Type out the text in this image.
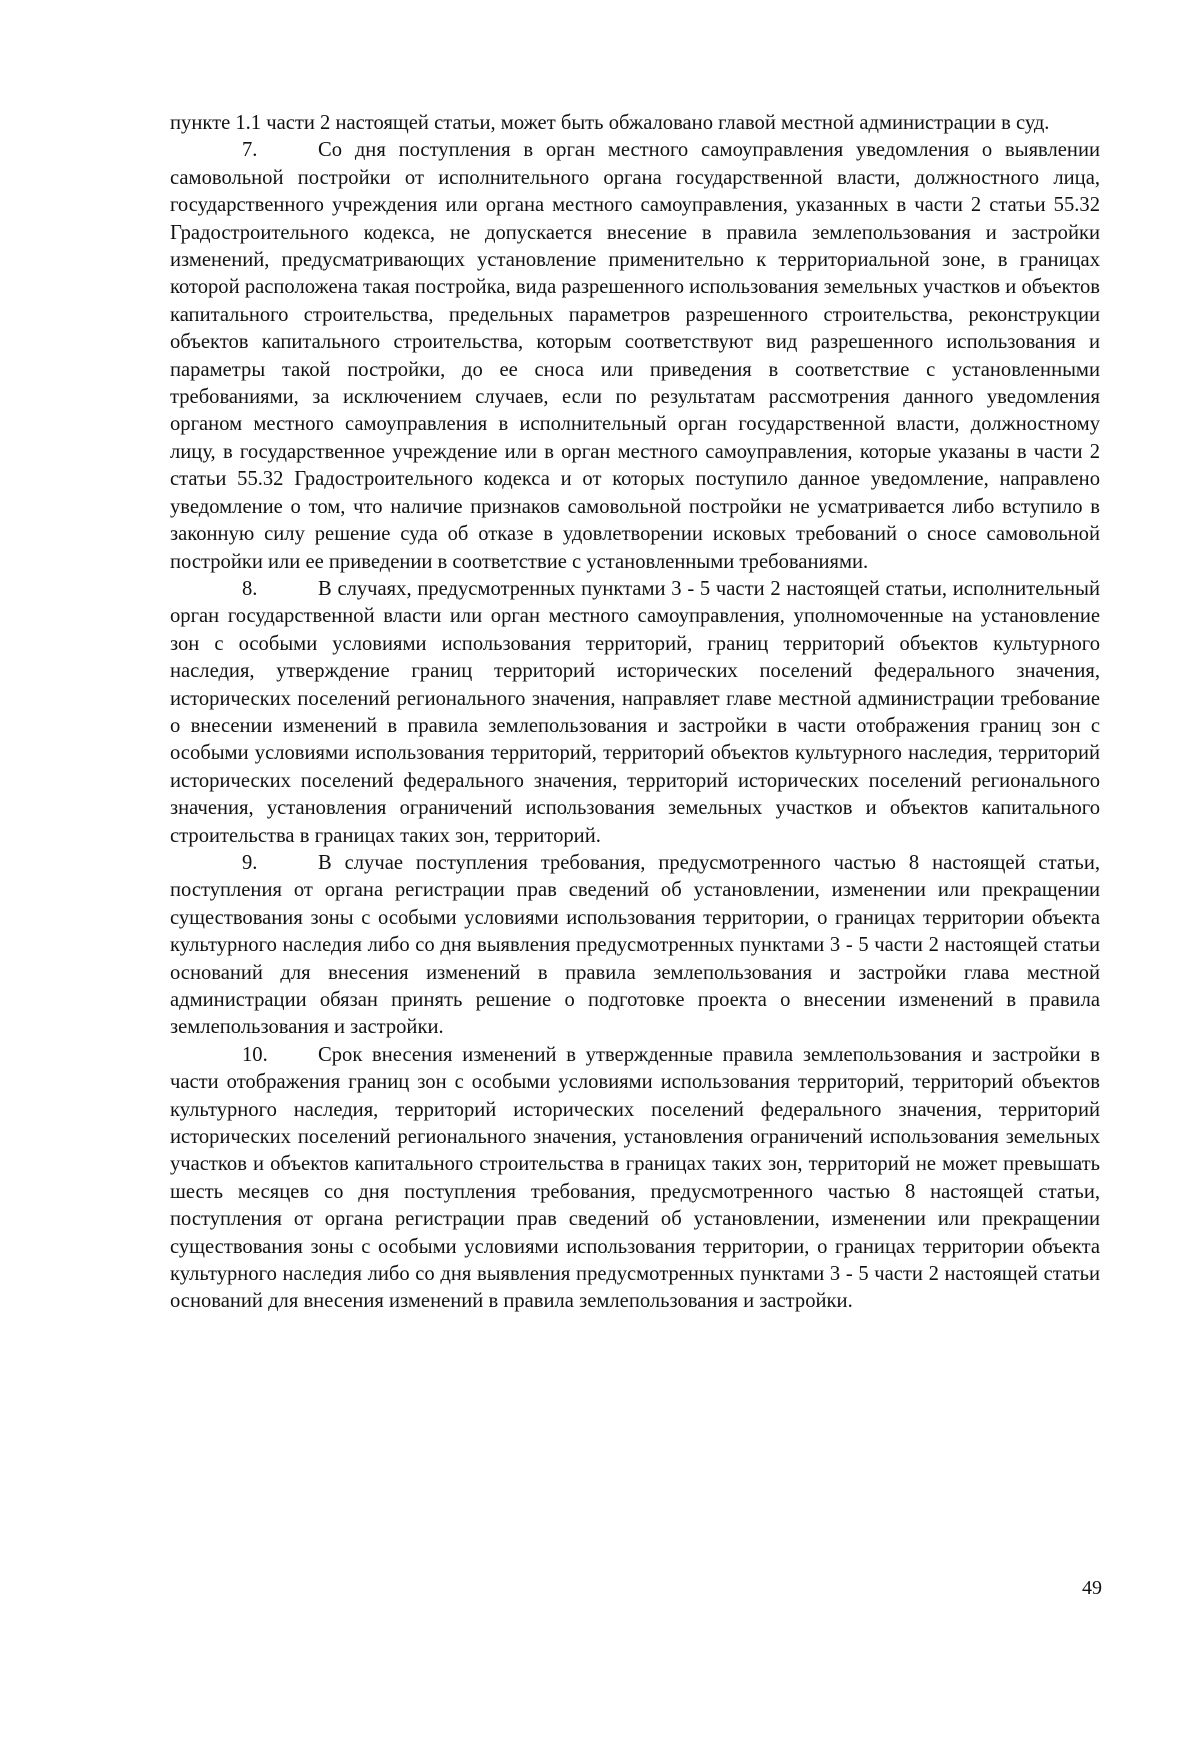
пункте 1.1 части 2 настоящей статьи, может быть обжаловано главой местной администрации в суд.

7.	Со дня поступления в орган местного самоуправления уведомления о выявлении самовольной постройки от исполнительного органа государственной власти, должностного лица, государственного учреждения или органа местного самоуправления, указанных в части 2 статьи 55.32 Градостроительного кодекса, не допускается внесение в правила землепользования и застройки изменений, предусматривающих установление применительно к территориальной зоне, в границах которой расположена такая постройка, вида разрешенного использования земельных участков и объектов капитального строительства, предельных параметров разрешенного строительства, реконструкции объектов капитального строительства, которым соответствуют вид разрешенного использования и параметры такой постройки, до ее сноса или приведения в соответствие с установленными требованиями, за исключением случаев, если по результатам рассмотрения данного уведомления органом местного самоуправления в исполнительный орган государственной власти, должностному лицу, в государственное учреждение или в орган местного самоуправления, которые указаны в части 2 статьи 55.32 Градостроительного кодекса и от которых поступило данное уведомление, направлено уведомление о том, что наличие признаков самовольной постройки не усматривается либо вступило в законную силу решение суда об отказе в удовлетворении исковых требований о сносе самовольной постройки или ее приведении в соответствие с установленными требованиями.

8.	В случаях, предусмотренных пунктами 3 - 5 части 2 настоящей статьи, исполнительный орган государственной власти или орган местного самоуправления, уполномоченные на установление зон с особыми условиями использования территорий, границ территорий объектов культурного наследия, утверждение границ территорий исторических поселений федерального значения, исторических поселений регионального значения, направляет главе местной администрации требование о внесении изменений в правила землепользования и застройки в части отображения границ зон с особыми условиями использования территорий, территорий объектов культурного наследия, территорий исторических поселений федерального значения, территорий исторических поселений регионального значения, установления ограничений использования земельных участков и объектов капитального строительства в границах таких зон, территорий.

9.	В случае поступления требования, предусмотренного частью 8 настоящей статьи, поступления от органа регистрации прав сведений об установлении, изменении или прекращении существования зоны с особыми условиями использования территории, о границах территории объекта культурного наследия либо со дня выявления предусмотренных пунктами 3 - 5 части 2 настоящей статьи оснований для внесения изменений в правила землепользования и застройки глава местной администрации обязан принять решение о подготовке проекта о внесении изменений в правила землепользования и застройки.

10. Срок внесения изменений в утвержденные правила землепользования и застройки в части отображения границ зон с особыми условиями использования территорий, территорий объектов культурного наследия, территорий исторических поселений федерального значения, территорий исторических поселений регионального значения, установления ограничений использования земельных участков и объектов капитального строительства в границах таких зон, территорий не может превышать шесть месяцев со дня поступления требования, предусмотренного частью 8 настоящей статьи, поступления от органа регистрации прав сведений об установлении, изменении или прекращении существования зоны с особыми условиями использования территории, о границах территории объекта культурного наследия либо со дня выявления предусмотренных пунктами 3 - 5 части 2 настоящей статьи оснований для внесения изменений в правила землепользования и застройки.

49
